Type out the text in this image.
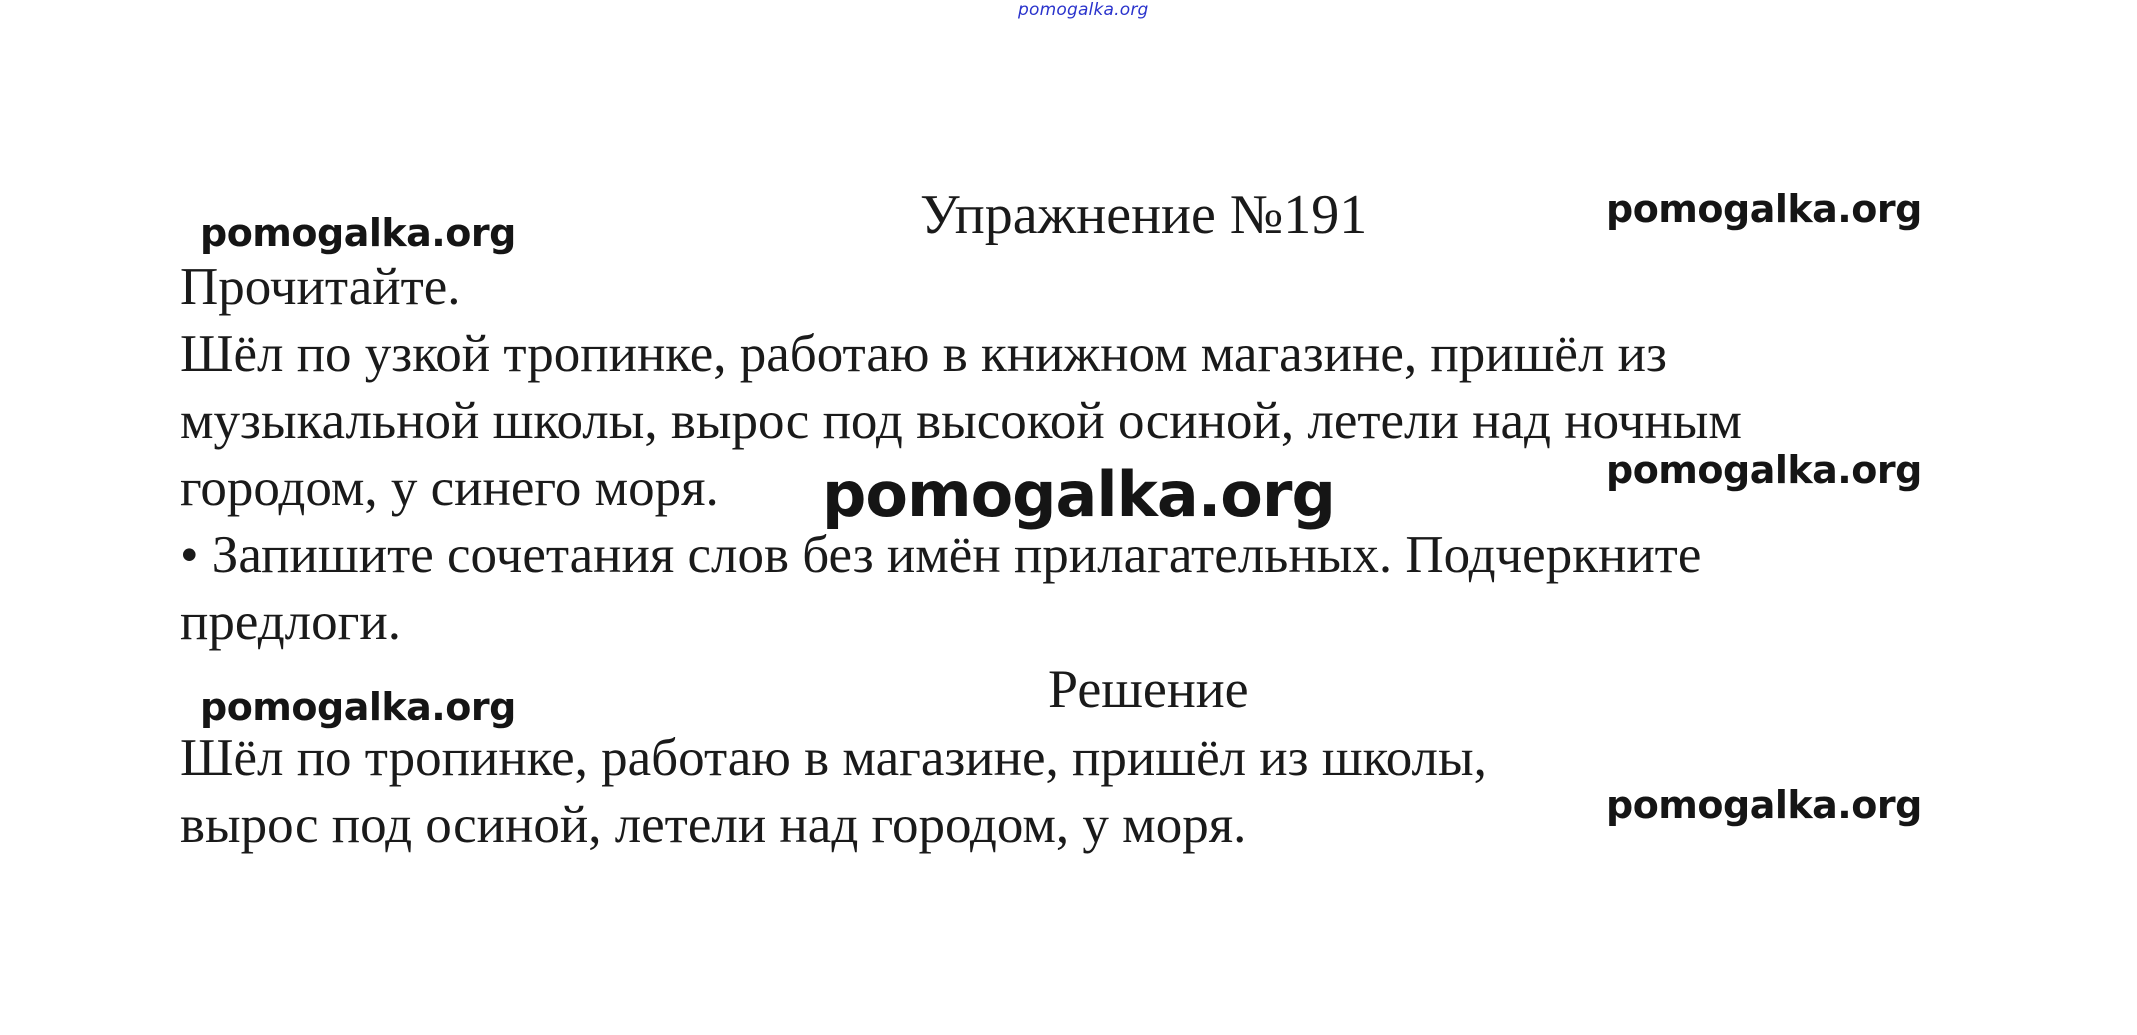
pomogalka.org
Упражнение №191
Прочитайте.
Шёл по узкой тропинке, работаю в книжном магазине, пришёл из
музыкальной школы, вырос под высокой осиной, летели над ночным
городом, у синего моря.
• Запишите сочетания слов без имён прилагательных. Подчеркните
предлоги.
Решение
Шёл по тропинке, работаю в магазине, пришёл из школы,
вырос под осиной, летели над городом, у моря.
pomogalka.org
pomogalka.org
pomogalka.org	pomogalka.org
pomogalka.org
pomogalka.org
